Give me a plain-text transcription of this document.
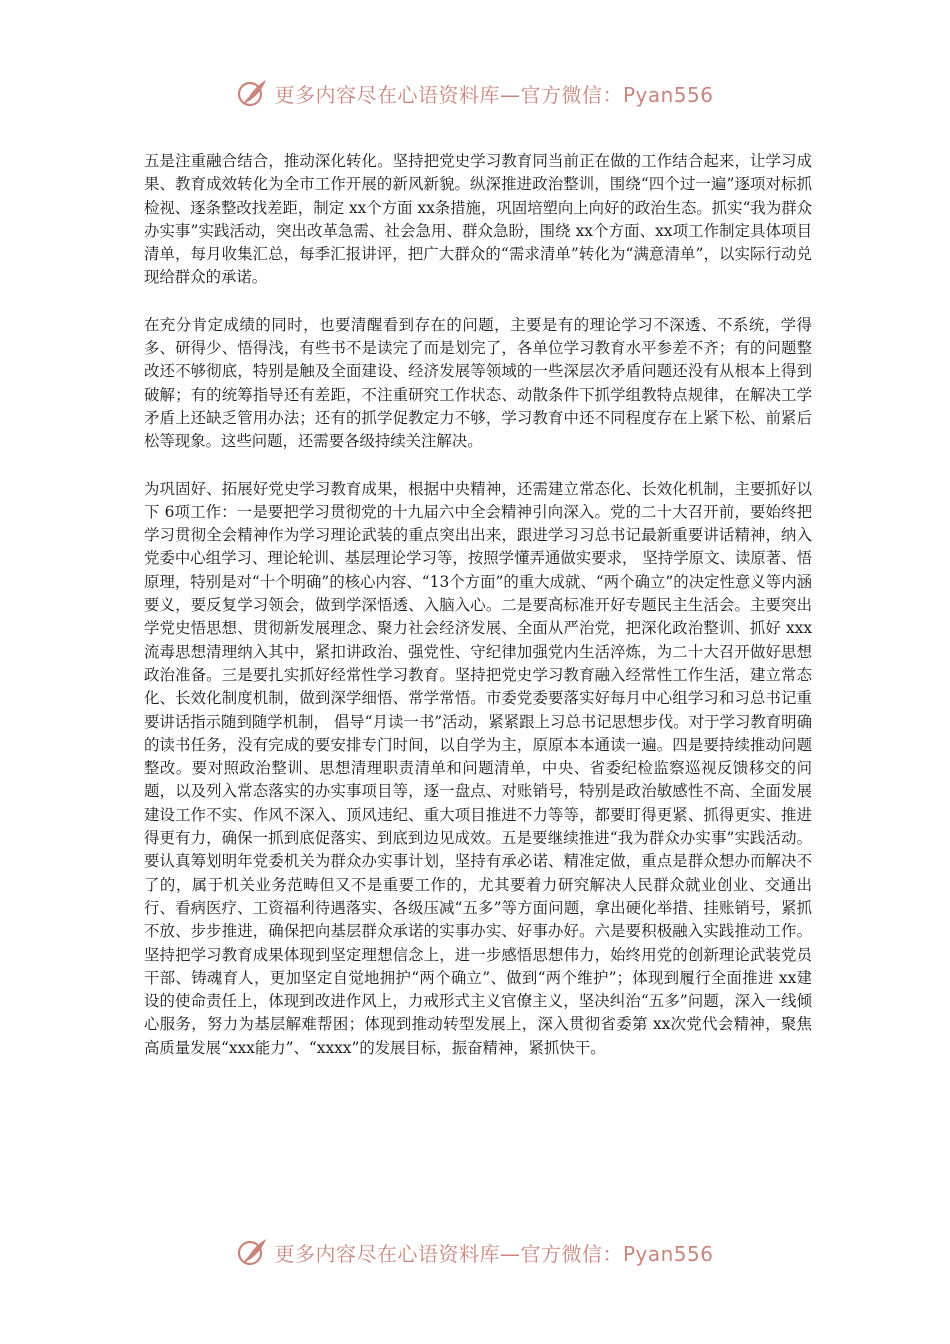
更多内容尽在心语资料库—官方微信：Pyan556

五是注重融合结合，推动深化转化。坚持把党史学习教育同当前正在做的工作结合起来，让学习成果、教育成效转化为全市工作开展的新风新貌。纵深推进政治整训，围绕“四个过一遍”逐项对标抓检视、逐条整改找差距，制定 xx个方面 xx条措施，巩固培塑向上向好的政治生态。抓实“我为群众办实事”实践活动，突出改革急需、社会急用、群众急盼，围绕 xx个方面、xx项工作制定具体项目清单，每月收集汇总，每季汇报讲评，把广大群众的“需求清单”转化为“满意清单”，以实际行动兑现给群众的承诺。

在充分肯定成绩的同时，也要清醒看到存在的问题，主要是有的理论学习不深透、不系统，学得多、研得少、悟得浅，有些书不是读完了而是划完了，各单位学习教育水平参差不齐；有的问题整改还不够彻底，特别是触及全面建设、经济发展等领域的一些深层次矛盾问题还没有从根本上得到破解；有的统筹指导还有差距，不注重研究工作状态、动散条件下抓学组教特点规律，在解决工学矛盾上还缺乏管用办法；还有的抓学促教定力不够，学习教育中还不同程度存在上紧下松、前紧后松等现象。这些问题，还需要各级持续关注解决。

为巩固好、拓展好党史学习教育成果，根据中央精神，还需建立常态化、长效化机制，主要抓好以下 6项工作：一是要把学习贯彻党的十九届六中全会精神引向深入。党的二十大召开前，要始终把学习贯彻全会精神作为学习理论武装的重点突出出来，跟进学习习总书记最新重要讲话精神，纳入党委中心组学习、理论轮训、基层理论学习等，按照学懂弄通做实要求， 坚持学原文、读原著、悟原理，特别是对“十个明确”的核心内容、“13个方面”的重大成就、“两个确立”的决定性意义等内涵要义，要反复学习领会，做到学深悟透、入脑入心。二是要高标准开好专题民主生活会。主要突出学党史悟思想、贯彻新发展理念、聚力社会经济发展、全面从严治党，把深化政治整训、抓好 xxx流毒思想清理纳入其中，紧扣讲政治、强党性、守纪律加强党内生活淬炼，为二十大召开做好思想政治准备。三是要扎实抓好经常性学习教育。坚持把党史学习教育融入经常性工作生活，建立常态化、长效化制度机制，做到深学细悟、常学常悟。市委党委要落实好每月中心组学习和习总书记重要讲话指示随到随学机制， 倡导“月读一书”活动，紧紧跟上习总书记思想步伐。对于学习教育明确的读书任务，没有完成的要安排专门时间，以自学为主，原原本本通读一遍。四是要持续推动问题整改。要对照政治整训、思想清理职责清单和问题清单，中央、省委纪检监察巡视反馈移交的问题，以及列入常态落实的办实事项目等，逐一盘点、对账销号，特别是政治敏感性不高、全面发展建设工作不实、作风不深入、顶风违纪、重大项目推进不力等等，都要盯得更紧、抓得更实、推进得更有力，确保一抓到底促落实、到底到边见成效。五是要继续推进“我为群众办实事”实践活动。要认真筹划明年党委机关为群众办实事计划，坚持有承必诺、精准定做，重点是群众想办而解决不了的，属于机关业务范畴但又不是重要工作的，尤其要着力研究解决人民群众就业创业、交通出行、看病医疗、工资福利待遇落实、各级压减“五多”等方面问题，拿出硬化举措、挂账销号，紧抓不放、步步推进，确保把向基层群众承诺的实事办实、好事办好。六是要积极融入实践推动工作。坚持把学习教育成果体现到坚定理想信念上，进一步感悟思想伟力，始终用党的创新理论武装党员干部、铸魂育人，更加坚定自觉地拥护“两个确立”、做到“两个维护”；体现到履行全面推进 xx建设的使命责任上，体现到改进作风上，力戒形式主义官僚主义，坚决纠治“五多”问题，深入一线倾心服务，努力为基层解难帮困；体现到推动转型发展上，深入贯彻省委第 xx次党代会精神，聚焦高质量发展“xxx能力”、“xxxx”的发展目标，振奋精神，紧抓快干。

更多内容尽在心语资料库—官方微信：Pyan556
